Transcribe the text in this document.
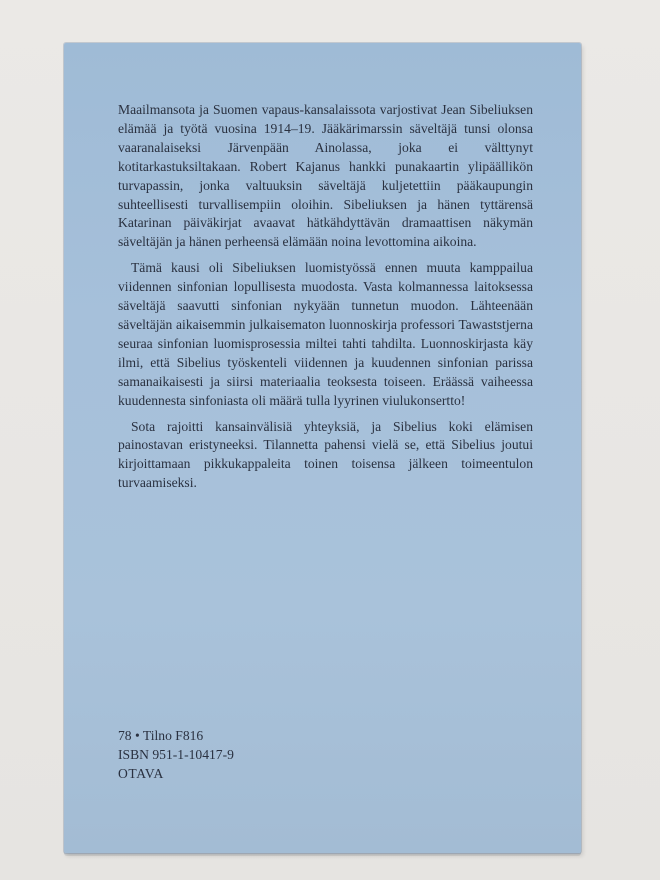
Maailmansota ja Suomen vapaus-kansalaissota varjostivat Jean Sibeliuksen elämää ja työtä vuosina 1914–19. Jääkärimarssin säveltäjä tunsi olonsa vaaranalaiseksi Järvenpään Ainolassa, joka ei välttynyt kotitarkastuksiltakaan. Robert Kajanus hankki punakaartin ylipäällikön turvapassin, jonka valtuuksin säveltäjä kuljetettiin pääkaupungin suhteellisesti turvallisempiin oloihin. Sibeliuksen ja hänen tyttärensä Katarinan päiväkirjat avaavat hätkähdyttävän dramaattisen näkymän säveltäjän ja hänen perheensä elämään noina levottomina aikoina.

Tämä kausi oli Sibeliuksen luomistyössä ennen muuta kamppailua viidennen sinfonian lopullisesta muodosta. Vasta kolmannessa laitoksessa säveltäjä saavutti sinfonian nykyään tunnetun muodon. Lähteenään säveltäjän aikaisemmin julkaisematon luonnoskirja professori Tawaststjerna seuraa sinfonian luomisprosessia miltei tahti tahdilta. Luonnoskirjasta käy ilmi, että Sibelius työskenteli viidennen ja kuudennen sinfonian parissa samanaikaisesti ja siirsi materiaalia teoksesta toiseen. Eräässä vaiheessa kuudennesta sinfoniasta oli määrä tulla lyyrinen viulukonsertto!

Sota rajoitti kansainvälisiä yhteyksiä, ja Sibelius koki elämisen painostavan eristyneeksi. Tilannetta pahensi vielä se, että Sibelius joutui kirjoittamaan pikkukappaleita toinen toisensa jälkeen toimeentulon turvaamiseksi.

78 • Tilno F816
ISBN 951-1-10417-9
OTAVA
